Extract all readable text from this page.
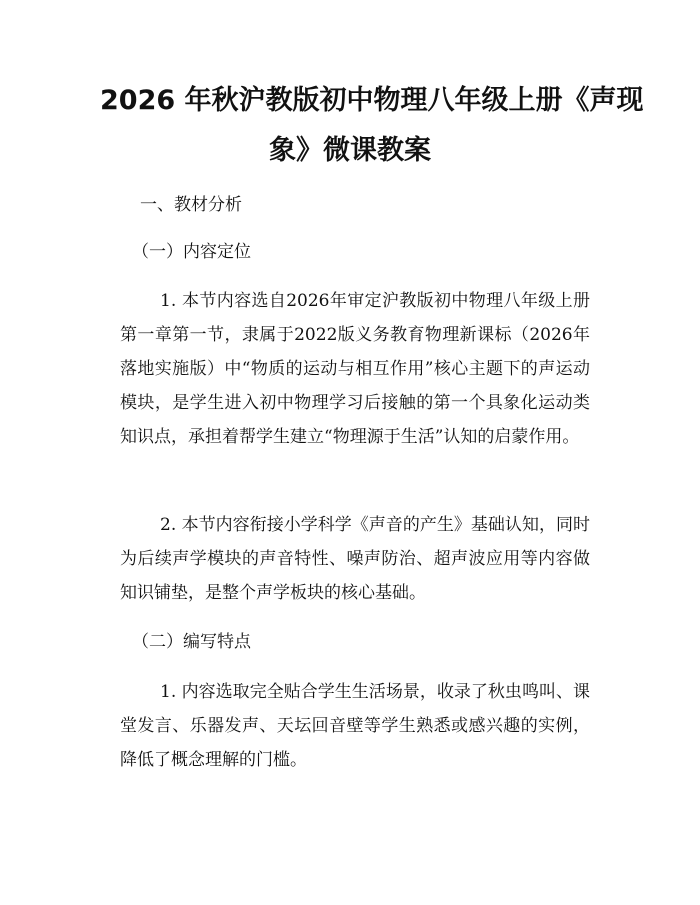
2026 年秋沪教版初中物理八年级上册《声现
象》微课教案

一、教材分析

（一）内容定位

1. 本节内容选自2026年审定沪教版初中物理八年级上册第一章第一节，隶属于2022版义务教育物理新课标（2026年落地实施版）中“物质的运动与相互作用”核心主题下的声运动模块，是学生进入初中物理学习后接触的第一个具象化运动类知识点，承担着帮学生建立“物理源于生活”认知的启蒙作用。

2. 本节内容衔接小学科学《声音的产生》基础认知，同时为后续声学模块的声音特性、噪声防治、超声波应用等内容做知识铺垫，是整个声学板块的核心基础。

（二）编写特点

1. 内容选取完全贴合学生生活场景，收录了秋虫鸣叫、课堂发言、乐器发声、天坛回音壁等学生熟悉或感兴趣的实例，降低了概念理解的门槛。
